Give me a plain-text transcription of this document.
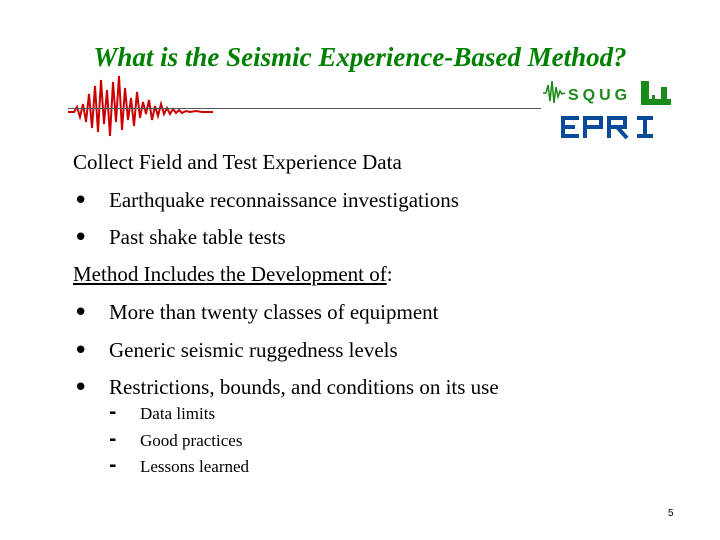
What is the Seismic Experience-Based Method?
SQUG
Collect Field and Test Experience Data
• Earthquake reconnaissance investigations
• Past shake table tests
Method Includes the Development of:
• More than twenty classes of equipment
• Generic seismic ruggedness levels
• Restrictions, bounds, and conditions on its use
- Data limits
- Good practices
- Lessons learned
5
